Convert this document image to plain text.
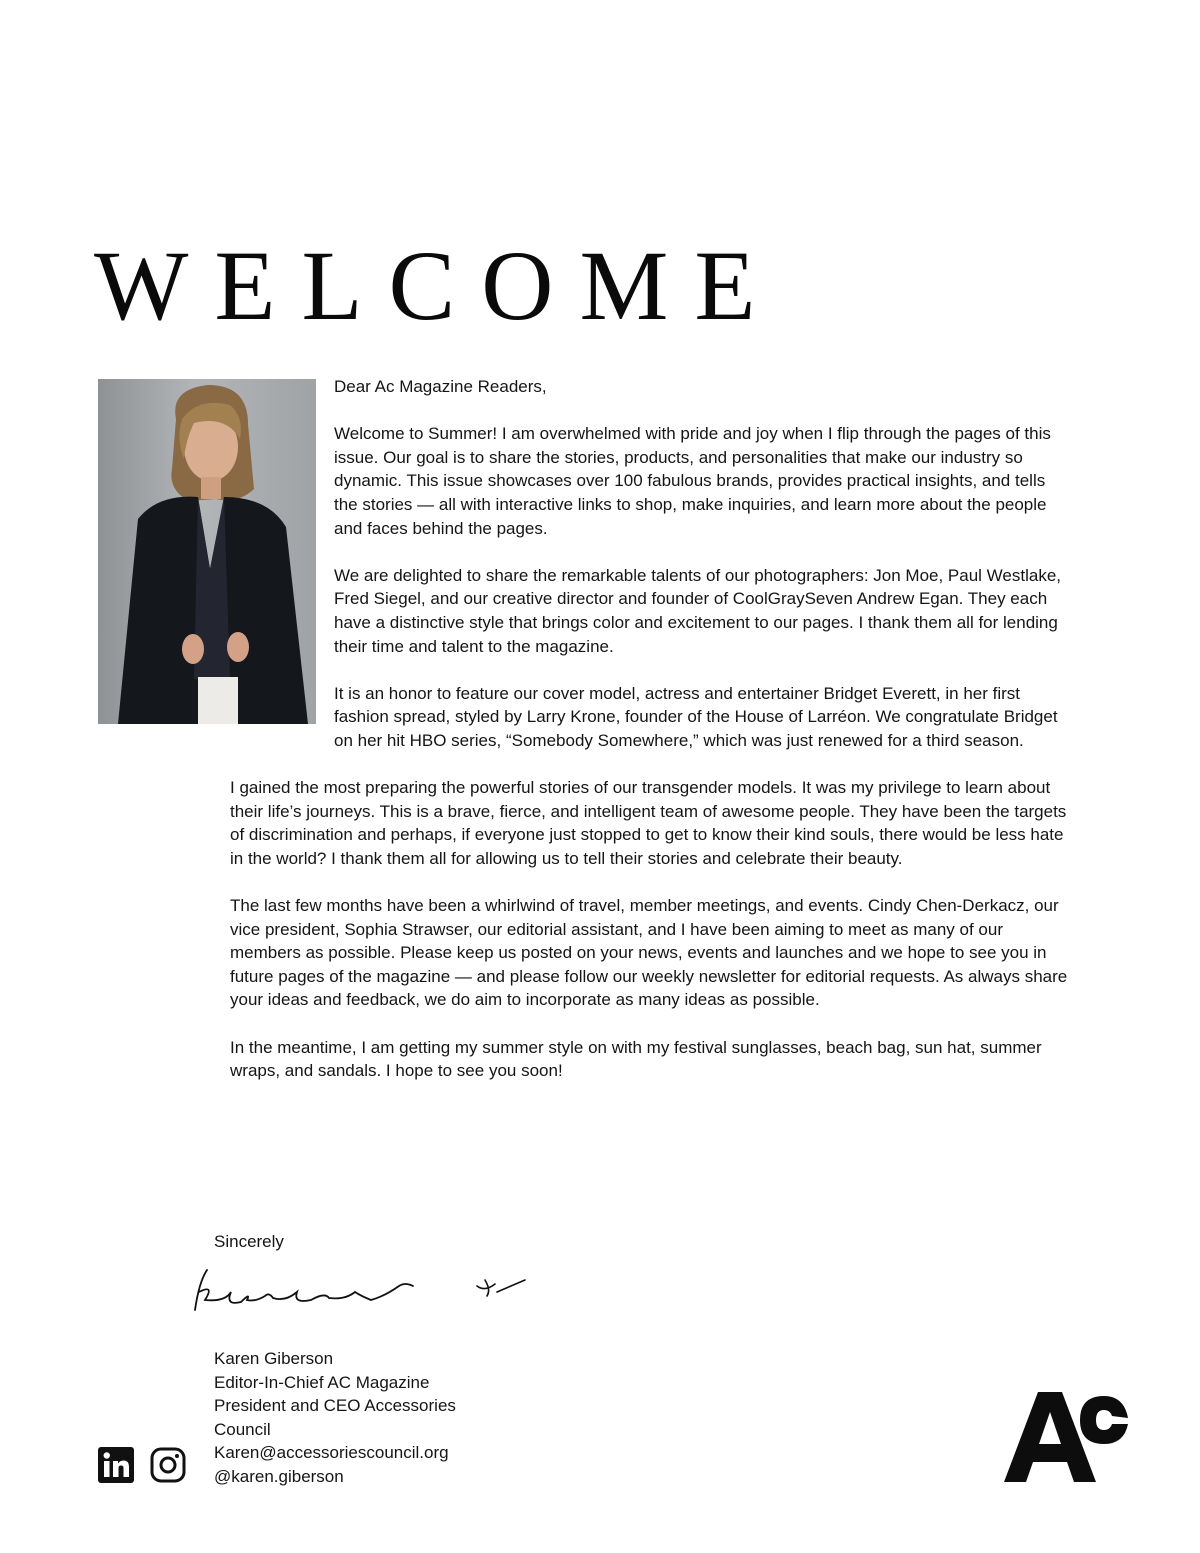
WELCOME

Dear Ac Magazine Readers,

Welcome to Summer! I am overwhelmed with pride and joy when I flip through the pages of this issue. Our goal is to share the stories, products, and personalities that make our industry so dynamic. This issue showcases over 100 fabulous brands, provides practical insights, and tells the stories — all with interactive links to shop, make inquiries, and learn more about the people and faces behind the pages.

We are delighted to share the remarkable talents of our photographers: Jon Moe, Paul Westlake, Fred Siegel, and our creative director and founder of CoolGraySeven Andrew Egan. They each have a distinctive style that brings color and excitement to our pages. I thank them all for lending their time and talent to the magazine.

It is an honor to feature our cover model, actress and entertainer Bridget Everett, in her first fashion spread, styled by Larry Krone, founder of the House of Larréon. We congratulate Bridget on her hit HBO series, “Somebody Somewhere,” which was just renewed for a third season.

I gained the most preparing the powerful stories of our transgender models. It was my privilege to learn about their life’s journeys. This is a brave, fierce, and intelligent team of awesome people. They have been the targets of discrimination and perhaps, if everyone just stopped to get to know their kind souls, there would be less hate in the world? I thank them all for allowing us to tell their stories and celebrate their beauty.

The last few months have been a whirlwind of travel, member meetings, and events. Cindy Chen-Derkacz, our vice president, Sophia Strawser, our editorial assistant, and I have been aiming to meet as many of our members as possible. Please keep us posted on your news, events and launches and we hope to see you in future pages of the magazine — and please follow our weekly newsletter for editorial requests. As always share your ideas and feedback, we do aim to incorporate as many ideas as possible.

In the meantime, I am getting my summer style on with my festival sunglasses, beach bag, sun hat, summer wraps, and sandals. I hope to see you soon!

Sincerely
Karen Giberson
Editor-In-Chief AC Magazine
President and CEO Accessories Council
Karen@accessoriescouncil.org
@karen.giberson
